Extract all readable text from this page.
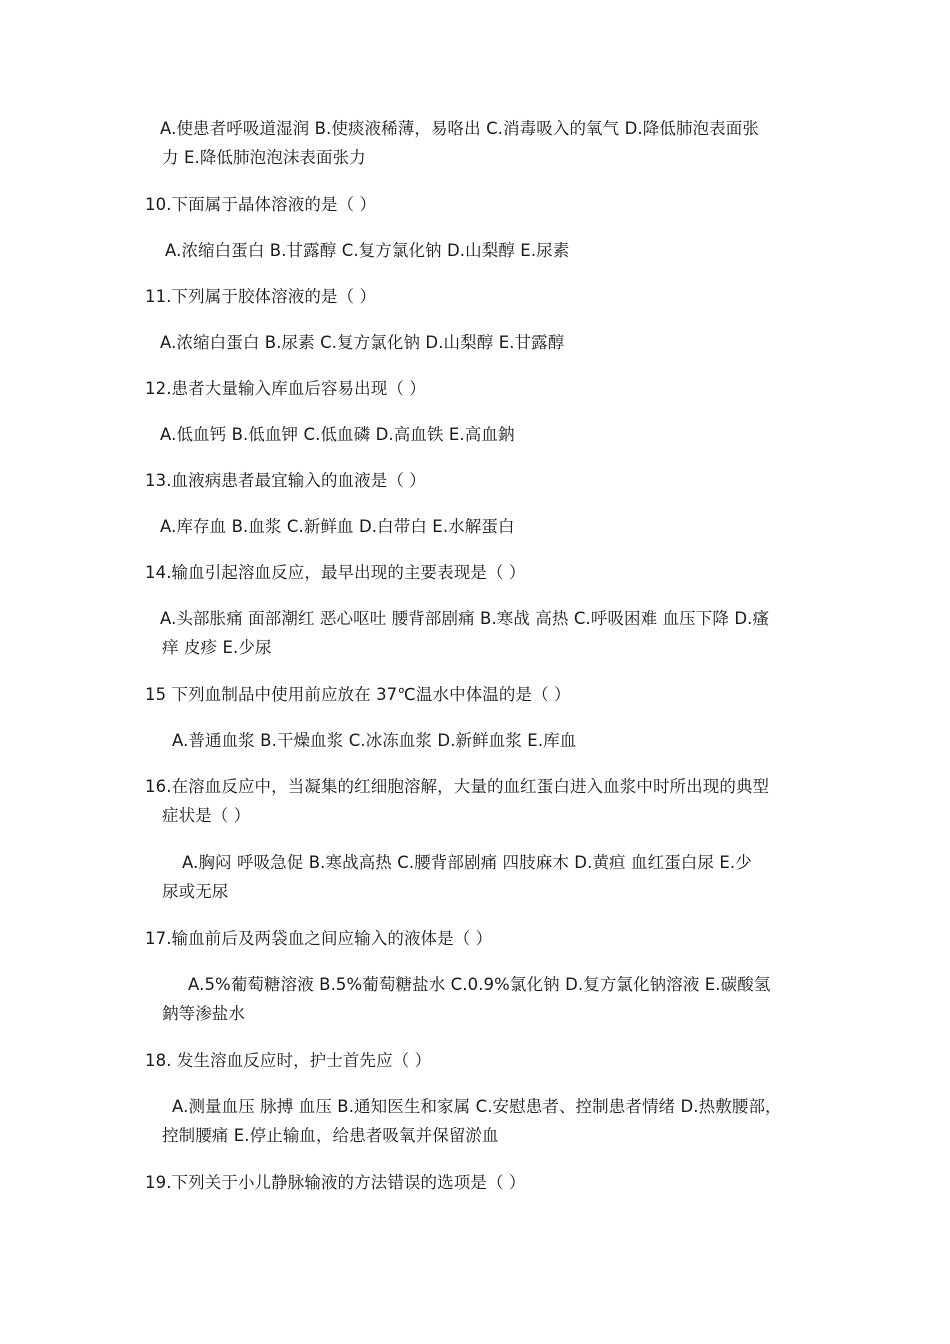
A.使患者呼吸道湿润 B.使痰液稀薄，易咯出 C.消毒吸入的氧气 D.降低肺泡表面张
力 E.降低肺泡泡沫表面张力
10.下面属于晶体溶液的是（ ）
A.浓缩白蛋白 B.甘露醇 C.复方氯化钠 D.山梨醇 E.尿素
11.下列属于胶体溶液的是（ ）
A.浓缩白蛋白 B.尿素 C.复方氯化钠 D.山梨醇 E.甘露醇
12.患者大量输入库血后容易出现（ ）
A.低血钙 B.低血钾 C.低血磷 D.高血铁 E.高血鈉
13.血液病患者最宜输入的血液是（ ）
A.库存血 B.血浆 C.新鲜血 D.白带白 E.水解蛋白
14.输血引起溶血反应，最早出现的主要表现是（ ）
A.头部胀痛 面部潮红 恶心呕吐 腰背部剧痛 B.寒战 高热 C.呼吸困难 血压下降 D.瘙
痒 皮疹 E.少尿
15 下列血制品中使用前应放在 37℃温水中体温的是（ ）
A.普通血浆 B.干燥血浆 C.冰冻血浆 D.新鲜血浆 E.库血
16.在溶血反应中，当凝集的红细胞溶解，大量的血红蛋白进入血浆中时所出现的典型
症状是（ ）
A.胸闷 呼吸急促 B.寒战高热 C.腰背部剧痛 四肢麻木 D.黄疸 血红蛋白尿 E.少
尿或无尿
17.输血前后及两袋血之间应输入的液体是（ ）
A.5%葡萄糖溶液 B.5%葡萄糖盐水 C.0.9%氯化钠 D.复方氯化钠溶液 E.碳酸氢
鈉等渗盐水
18. 发生溶血反应时，护士首先应（ ）
A.测量血压 脉搏 血压 B.通知医生和家属 C.安慰患者、控制患者情绪 D.热敷腰部，
控制腰痛 E.停止输血，给患者吸氧并保留淤血
19.下列关于小儿静脉输液的方法错误的选项是（ ）
